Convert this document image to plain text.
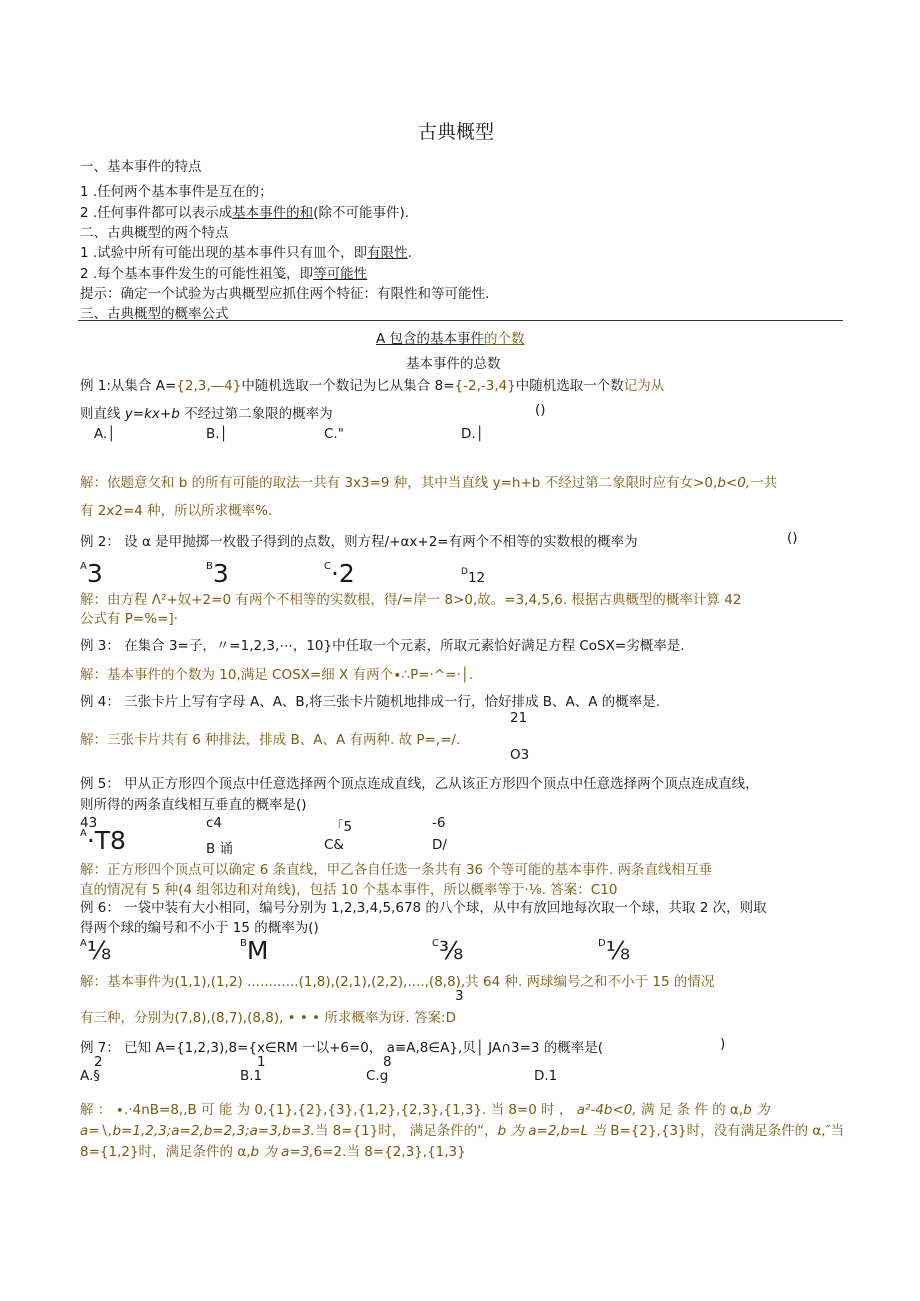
古典概型
一、基本事件的特点
1 .任何两个基本事件是互在的；
2 .任何事件都可以表示成基本事件的和(除不可能事件).
二、古典概型的两个特点
1 .试验中所有可能出现的基本事件只有皿个，即有限性.
2 .每个基本事件发生的可能性祖笺，即等可能性
提示：确定一个试验为古典概型应抓住两个特征：有限性和等可能性.
三、古典概型的概率公式
A 包含的基本事件的个数
基本事件的总数
例 1:从集合 A={2,3,—4}中随机选取一个数记为匕从集合 8={-2,-3,4}中随机选取一个数记为从
则直线 y=kx+b 不经过第二象限的概率为	()
A.│	B.│	C."	D.│
解：依题意攵和 b 的所有可能的取法一共有 3x3=9 种，其中当直线 y=h+b 不经过第二象限时应有女>0,b<0,一共
有 2x2=4 种，所以所求概率%.
例 2： 设 α 是甲抛掷一枚骰子得到的点数，则方程/+αx+2=有两个不相等的实数根的概率为	()
$^A$3	$^B$3	$^C$·2	$^D$12
解：由方程 Λ²+奴+2=0 有两个不相等的实数根，得/=岸一 8>0,故。=3,4,5,6. 根据古典概型的概率计算 42
公式有 P=%=]·
例 3： 在集合 3=子，〃=1,2,3,⋯，10}中任取一个元素，所取元素恰好满足方程 CoSX=劣概率是.
解：基本事件的个数为 10,满足 COSX=细 X 有两个∙∴P=·^=·│.
例 4： 三张卡片上写有字母 A、A、B,将三张卡片随机地排成一行，恰好排成 B、A、A 的概率是.
21
解：三张卡片共有 6 种排法，排成 B、A、A 有两种. 故 P=,=/.
O3
例 5： 甲从正方形四个顶点中任意选择两个顶点连成直线，乙从该正方形四个顶点中任意选择两个顶点连成直线，
则所得的两条直线相互垂直的概率是()
43	c4	「5	-6
$^A$·T8	B 诵	C&	D/
解：正方形四个顶点可以确定 6 条直线，甲乙各自任选一条共有 36 个等可能的基本事件. 两条直线相互垂
直的情况有 5 种(4 组邻边和对角线)，包括 10 个基本事件，所以概率等于·⅛. 答案：C10
例 6： 一袋中装有大小相同，编号分别为 1,2,3,4,5,678 的八个球，从中有放回地每次取一个球，共取 2 次，则取
得两个球的编号和不小于 15 的概率为()
$^A$⅛	$^B$M	$^C$⅜	$^D$⅛
解：基本事件为(1,1),(1,2) ............(1,8),(2,1),(2,2),....,(8,8),共 64 种. 两球编号之和不小于 15 的情况
3
有三种，分别为(7,8),(8,7),(8,8), • • • 所求概率为讶. 答案:D
例 7： 已知 A={1,2,3),8={x∈RM 一以+6=0， a≡A,8∈A},贝│ JA∩3=3 的概率是(	)
2	1	8
A.§	B.1	C.g	D.1
解 ： ∙.·4nB=8,,B 可 能 为 0,{1},{2},{3},{1,2},{2,3},{1,3}. 当 8=0 时 ， a²-4b<0, 满 足 条 件 的 α,b 为
a=∖,b=1,2,3;a=2,b=2,3;a=3,b=3.当 8={1}时， 满足条件的“，b 为 a=2,b=L 当 B={2},{3}时，没有满足条件的 α,″当
8={1,2}时，满足条件的 α,b 为 a=3,6=2.当 8={2,3},{1,3}
